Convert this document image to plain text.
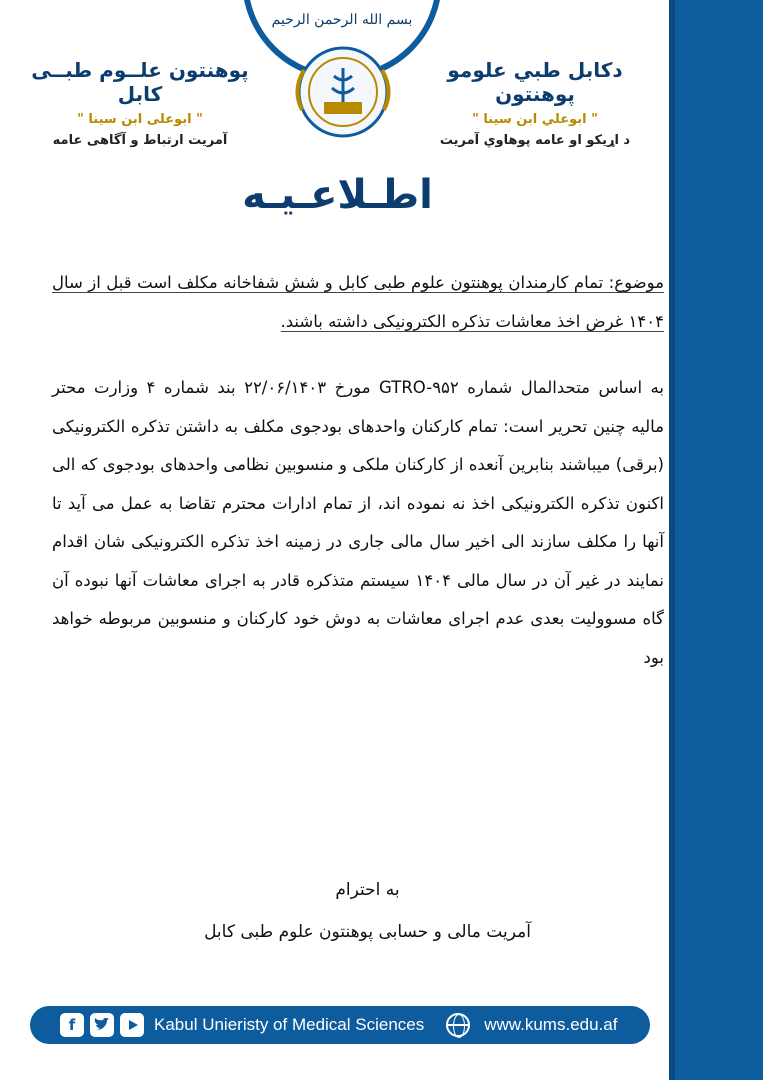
بسم الله الرحمن الرحیم
پوهنتون علــوم طبــی کابل
" ابوعلی ابن سینا "
آمریت ارتباط و آگاهی عامه
دکابل طبي علومو پوهنتون
" ابوعلي ابن سينا "
د اړیکو او عامه پوهاوي آمریت
اطـلاعـیـه

موضوع: تمام کارمندان پوهنتون علوم طبی کابل و شش شفاخانه مکلف است قبل از سال ۱۴۰۴ غرض اخذ معاشات تذکره الکترونیکی داشته باشند.

به اساس متحدالمال شماره GTRO-۹۵۲ مورخ ۲۲/۰۶/۱۴۰۳ بند شماره ۴ وزارت محتر مالیه چنین تحریر است: تمام کارکنان واحدهای بودجوی مکلف به داشتن تذکره الکترونیکی (برقی) میباشند بنابرین آنعده از کارکنان ملکی و منسوبین نظامی واحدهای بودجوی که الی اکنون تذکره الکترونیکی اخذ نه نموده اند، از تمام ادارات محترم تقاضا به عمل می آید تا آنها را مکلف سازند الی اخیر سال مالی جاری در زمینه اخذ تذکره الکترونیکی شان اقدام نمایند در غیر آن در سال مالی ۱۴۰۴ سیستم متذکره قادر به اجرای معاشات آنها نبوده آن گاه مسوولیت بعدی عدم اجرای معاشات به دوش خود کارکنان و منسوبین مربوطه خواهد بود

به احترام
آمریت مالی و حسابی پوهنتون علوم طبی کابل
f	Kabul Unieristy of Medical Sciences	www.kums.edu.af
